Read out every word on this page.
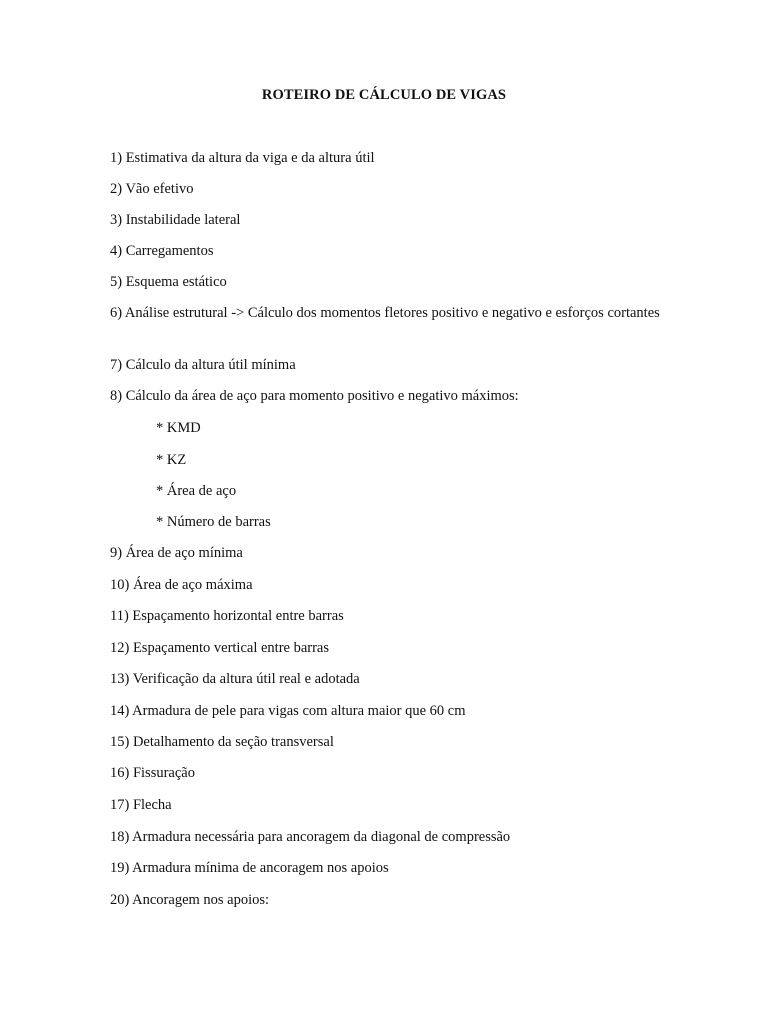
ROTEIRO DE CÁLCULO DE VIGAS
1) Estimativa da altura da viga e da altura útil
2) Vão efetivo
3) Instabilidade lateral
4) Carregamentos
5) Esquema estático
6) Análise estrutural -> Cálculo dos momentos fletores positivo e negativo e esforços cortantes
7) Cálculo da altura útil mínima
8) Cálculo da área de aço para momento positivo e negativo máximos:
* KMD
* KZ
* Área de aço
* Número de barras
9) Área de aço mínima
10) Área de aço máxima
11) Espaçamento horizontal entre barras
12) Espaçamento vertical entre barras
13) Verificação da altura útil real e adotada
14) Armadura de pele para vigas com altura maior que 60 cm
15) Detalhamento da seção transversal
16) Fissuração
17) Flecha
18) Armadura necessária para ancoragem da diagonal de compressão
19) Armadura mínima de ancoragem nos apoios
20) Ancoragem nos apoios:
